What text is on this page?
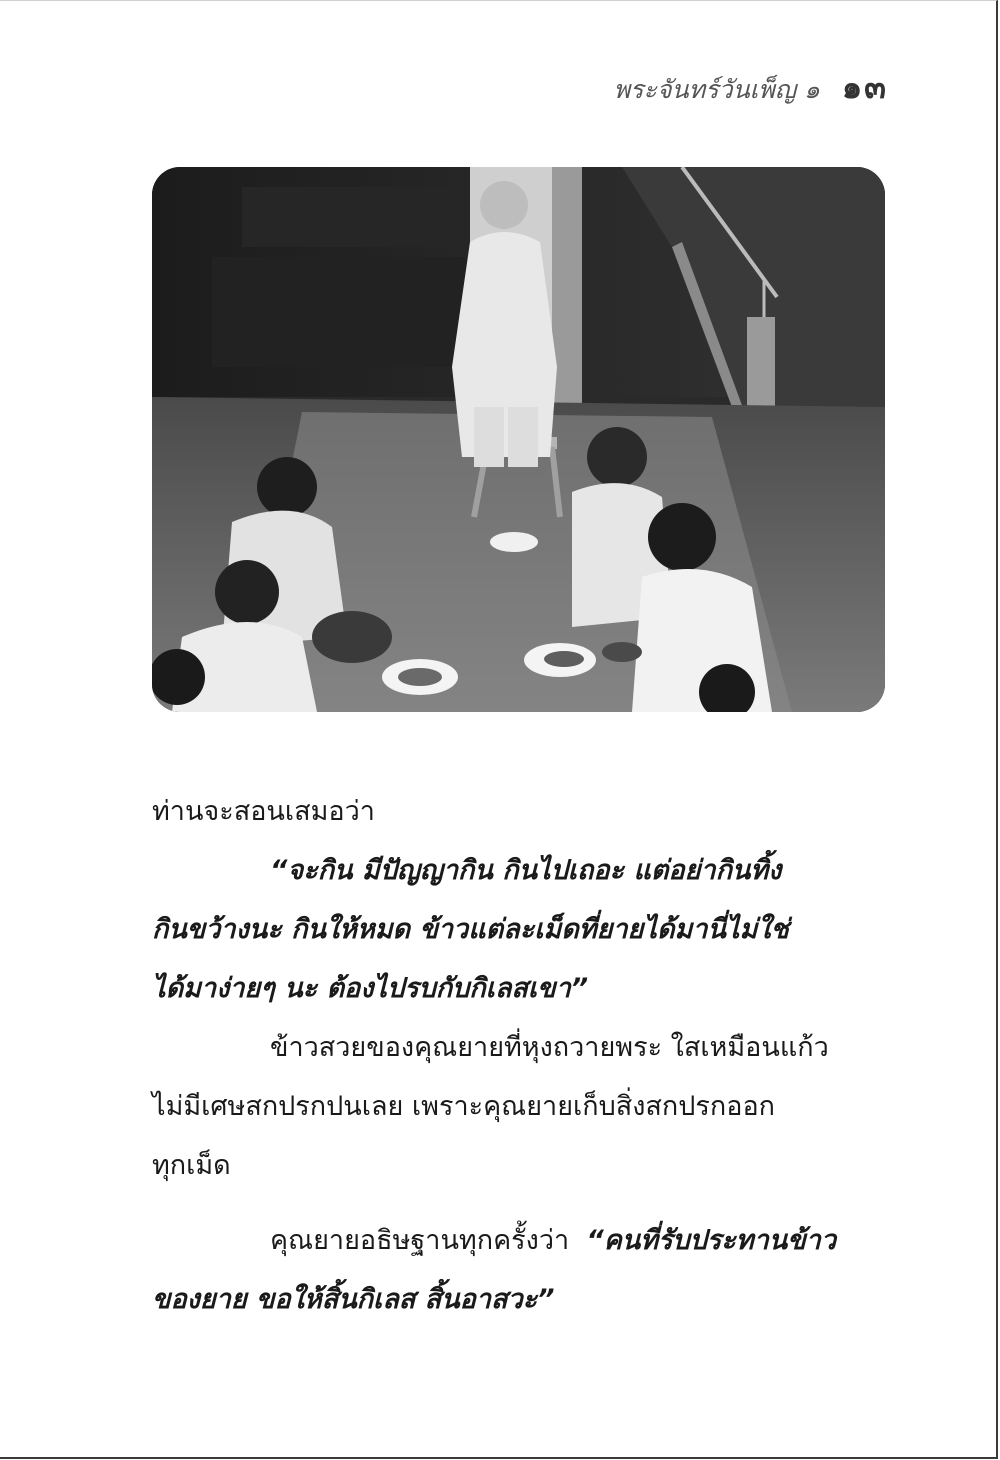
พระจันทร์วันเพ็ญ ๑ ๑๓
ท่านจะสอนเสมอว่า
“จะกิน มีปัญญากิน กินไปเถอะ แต่อย่ากินทิ้ง
กินขว้างนะ กินให้หมด ข้าวแต่ละเม็ดที่ยายได้มานี่ไม่ใช่
ได้มาง่ายๆ นะ ต้องไปรบกับกิเลสเขา”
ข้าวสวยของคุณยายที่หุงถวายพระ ใสเหมือนแก้ว
ไม่มีเศษสกปรกปนเลย เพราะคุณยายเก็บสิ่งสกปรกออก
ทุกเม็ด
คุณยายอธิษฐานทุกครั้งว่า “คนที่รับประทานข้าว
ของยาย ขอให้สิ้นกิเลส สิ้นอาสวะ”
